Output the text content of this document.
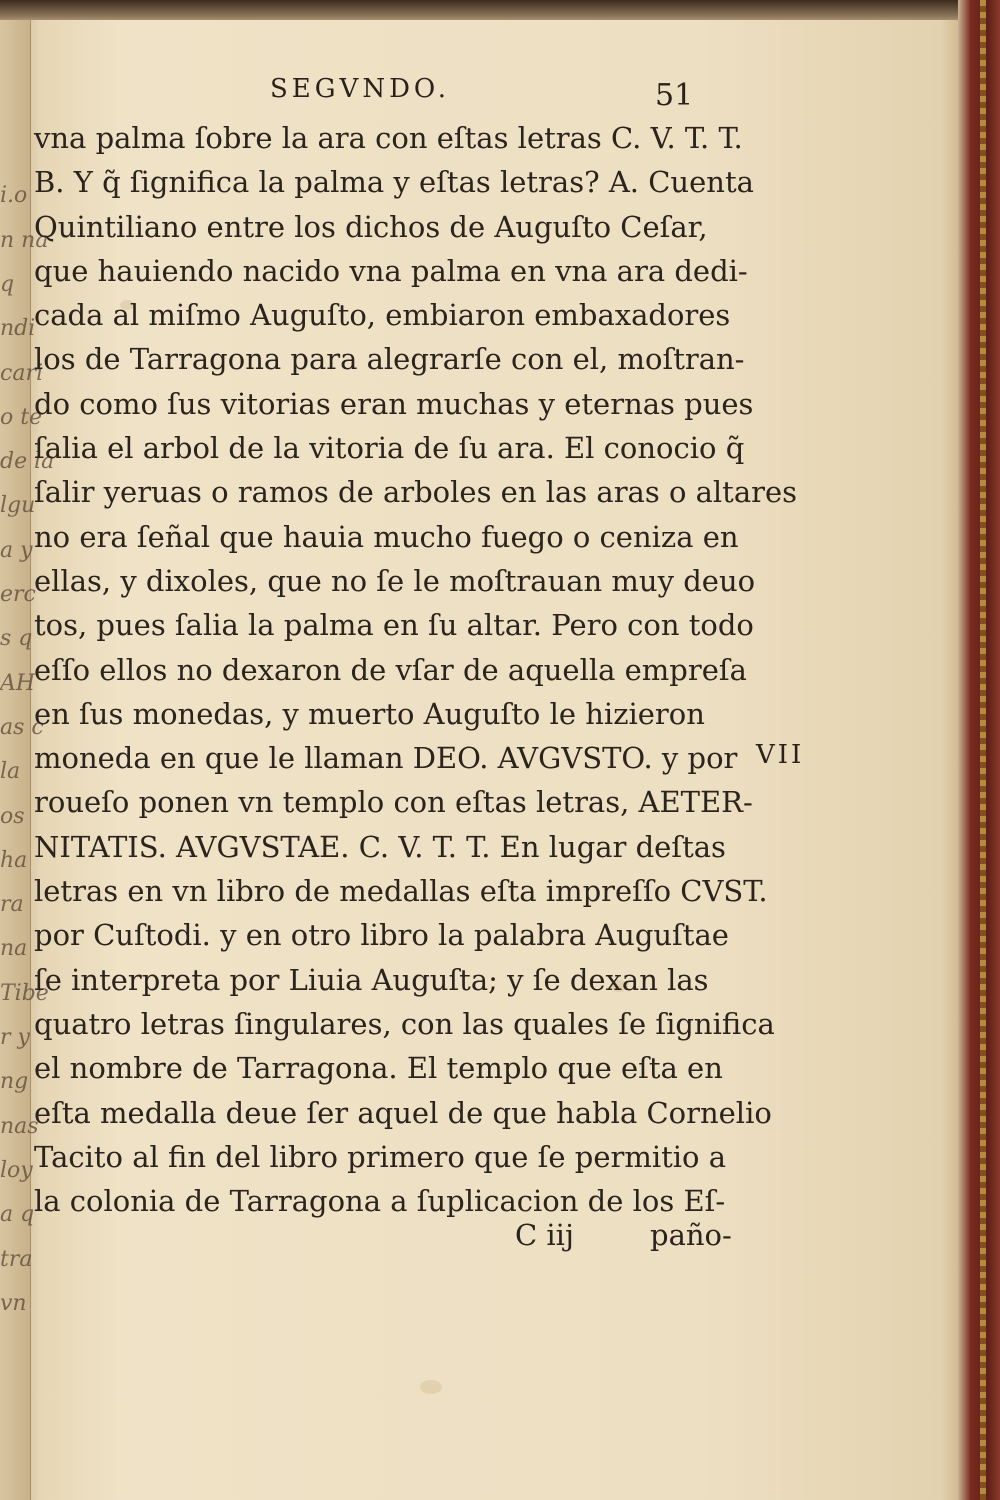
i.o
n na
q
ndi
cari
o te
de la
lgu
a y
erc
s q
AH
as c
la
os
ha
ra
na
Tibe
r y
ng
nas
loy
a q
tra
vn
SEGVNDO.	51
vna palma ſobre la ara con eſtas letras C. V. T. T.
B. Y q̃ ſignifica la palma y eſtas letras? A. Cuenta
Quintiliano entre los dichos de Auguſto Ceſar,
que hauiendo nacido vna palma en vna ara dedi-
cada al miſmo Auguſto, embiaron embaxadores
los de Tarragona para alegrarſe con el, moſtran-
do como ſus vitorias eran muchas y eternas pues
ſalia el arbol de la vitoria de ſu ara. El conocio q̃
ſalir yeruas o ramos de arboles en las aras o altares
no era ſeñal que hauia mucho fuego o ceniza en
ellas, y dixoles, que no ſe le moſtrauan muy deuo
tos, pues ſalia la palma en ſu altar. Pero con todo
eſſo ellos no dexaron de vſar de aquella empreſa
en ſus monedas, y muerto Auguſto le hizieron
moneda en que le llaman DEO. AVGVSTO. y por
roueſo ponen vn templo con eſtas letras, AETER-
NITATIS. AVGVSTAE. C. V. T. T. En lugar deſtas
letras en vn libro de medallas eſta impreſſo CVST.
por Cuſtodi. y en otro libro la palabra Auguſtae
ſe interpreta por Liuia Auguſta; y ſe dexan las
quatro letras ſingulares, con las quales ſe ſignifica
el nombre de Tarragona. El templo que eſta en
eſta medalla deue ſer aquel de que habla Cornelio
Tacito al fin del libro primero que ſe permitio a
la colonia de Tarragona a ſuplicacion de los Eſ-
VII
C iij	paño-
